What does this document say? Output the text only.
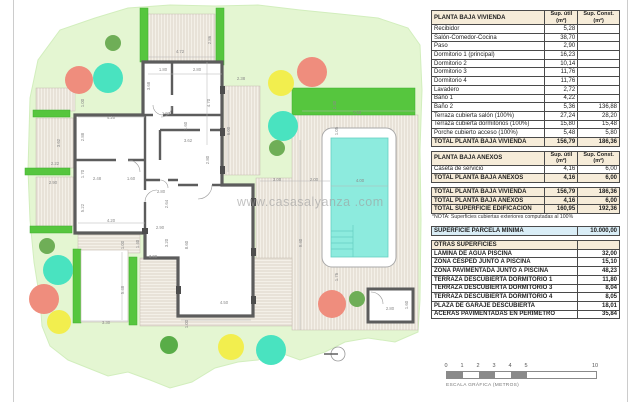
2.86
4.72
1.80	2.80
2.38
3.68
4.70
1.00
4.20
1.92
1.60
6.00
3.62
2.88
3.62
2.80
2.22
1.70
2.90
2.48	1.60
2.80
3.00	2.00	4.00
2.64
5.22
4.20
2.90
1.00 1.40	3.20	8.60	9.40
3.00
5.48
4.50
3.30	1.00
7.55
2.30
1.05
1.75
2.80 1.60
www.casasalyanza .com
PLANTA BAJA VIVIENDA
Sup. útil
(m²)
Sup. Const.
(m²)
Recibidor	5,28
Salón-Comedor-Cocina	38,70
Paso	2,90
Dormitorio 1 (principal)	16,23
Dormitorio 2	10,14
Dormitorio 3	11,76
Dormitorio 4	11,76
Lavadero	2,72
Baño 1	4,22
Baño 2	5,36	136,88
Terraza cubierta salón (100%)	27,24	28,20
Terraza cubierta dormitorios (100%)	15,80	15,48
Porche cubierto acceso (100%)	5,48	5,80
TOTAL PLANTA BAJA VIVIENDA	156,79	186,36
PLANTA BAJA ANEXOS
Sup. útil
(m²)
Sup. Const.
(m²)
Caseta de servicio	4,16	6,00
TOTAL PLANTA BAJA ANEXOS	4,16	6,00
TOTAL PLANTA BAJA VIVIENDA	156,79	186,36
TOTAL PLANTA BAJA ANEXOS	4,16	6,00
TOTAL SUPERFICIE EDIFICACIÓN	160,95	192,36
*NOTA: Superficies cubiertas exteriores computadas al 100%
SUPERFICIE PARCELA MÍNIMA	10.000,00
OTRAS SUPERFICIES
LÁMINA DE AGUA PISCINA	32,00
ZONA CÉSPED JUNTO A PISCINA	15,10
ZONA PAVIMENTADA JUNTO A PISCINA	48,23
TERRAZA DESCUBIERTA DORMITORIO 1	11,80
TERRAZA DESCUBIERTA DORMITORIO 3	8,04
TERRAZA DESCUBIERTA DORMITORIO 4	8,05
PLAZA DE GARAJE DESCUBIERTA	18,01
ACERAS PAVIMENTADAS EN PERÍMETRO	35,84
0	1	2	3	4	5	10
ESCALA GRÁFICA (METROS)
